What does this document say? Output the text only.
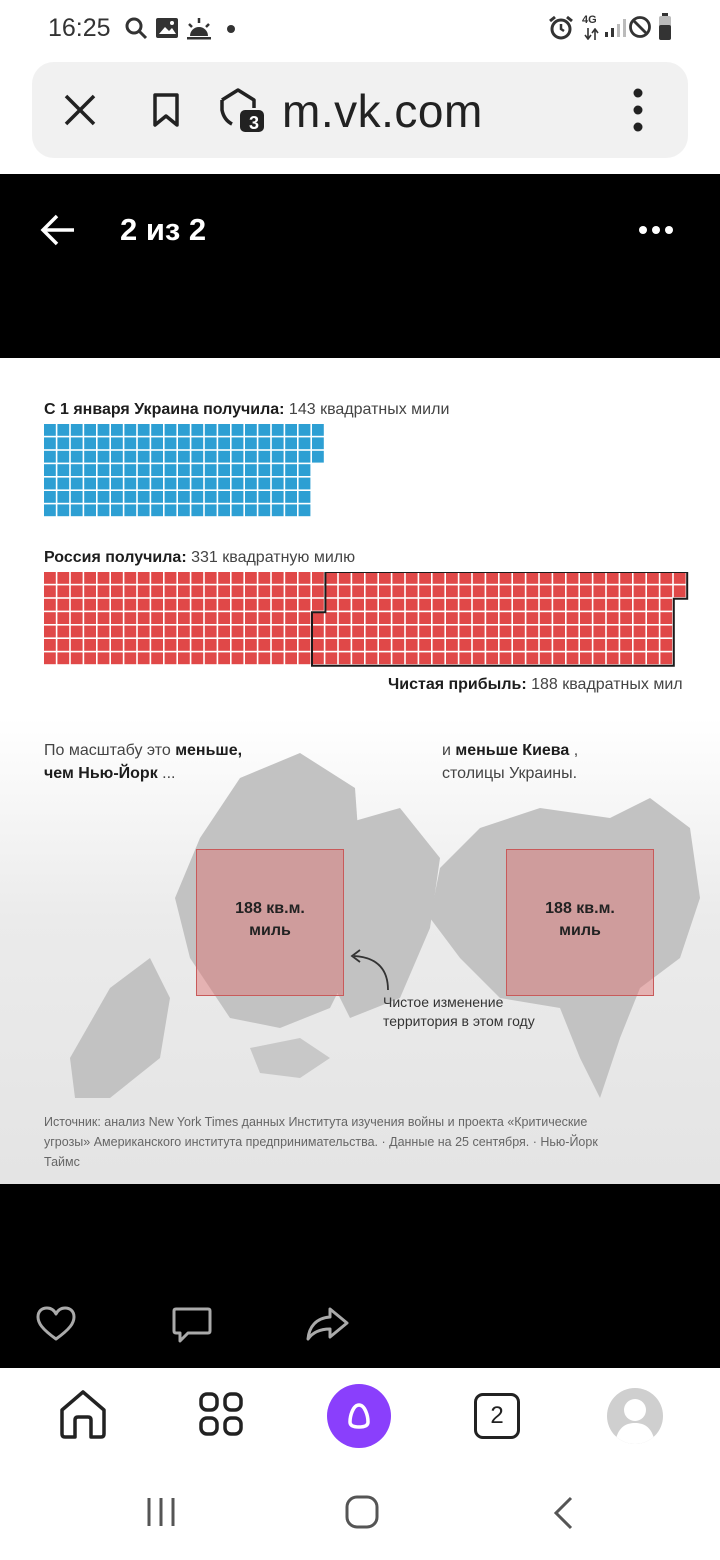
16:25	4G
3 m.vk.com
2 из 2
С 1 января Украина получила: 143 квадратных мили
Россия получила: 331 квадратную милю
Чистая прибыль: 188 квадратных мил
По масштабу это меньше,
чем Нью-Йорк ...
и меньше Киева ,
столицы Украины.
188 кв.м.
миль
188 кв.м.
миль
Чистое изменение
территория в этом году
Источник: анализ New York Times данных Института изучения войны и проекта «Критические
угрозы» Американского института предпринимательства. · Данные на 25 сентября. · Нью-Йорк
Таймс
2
